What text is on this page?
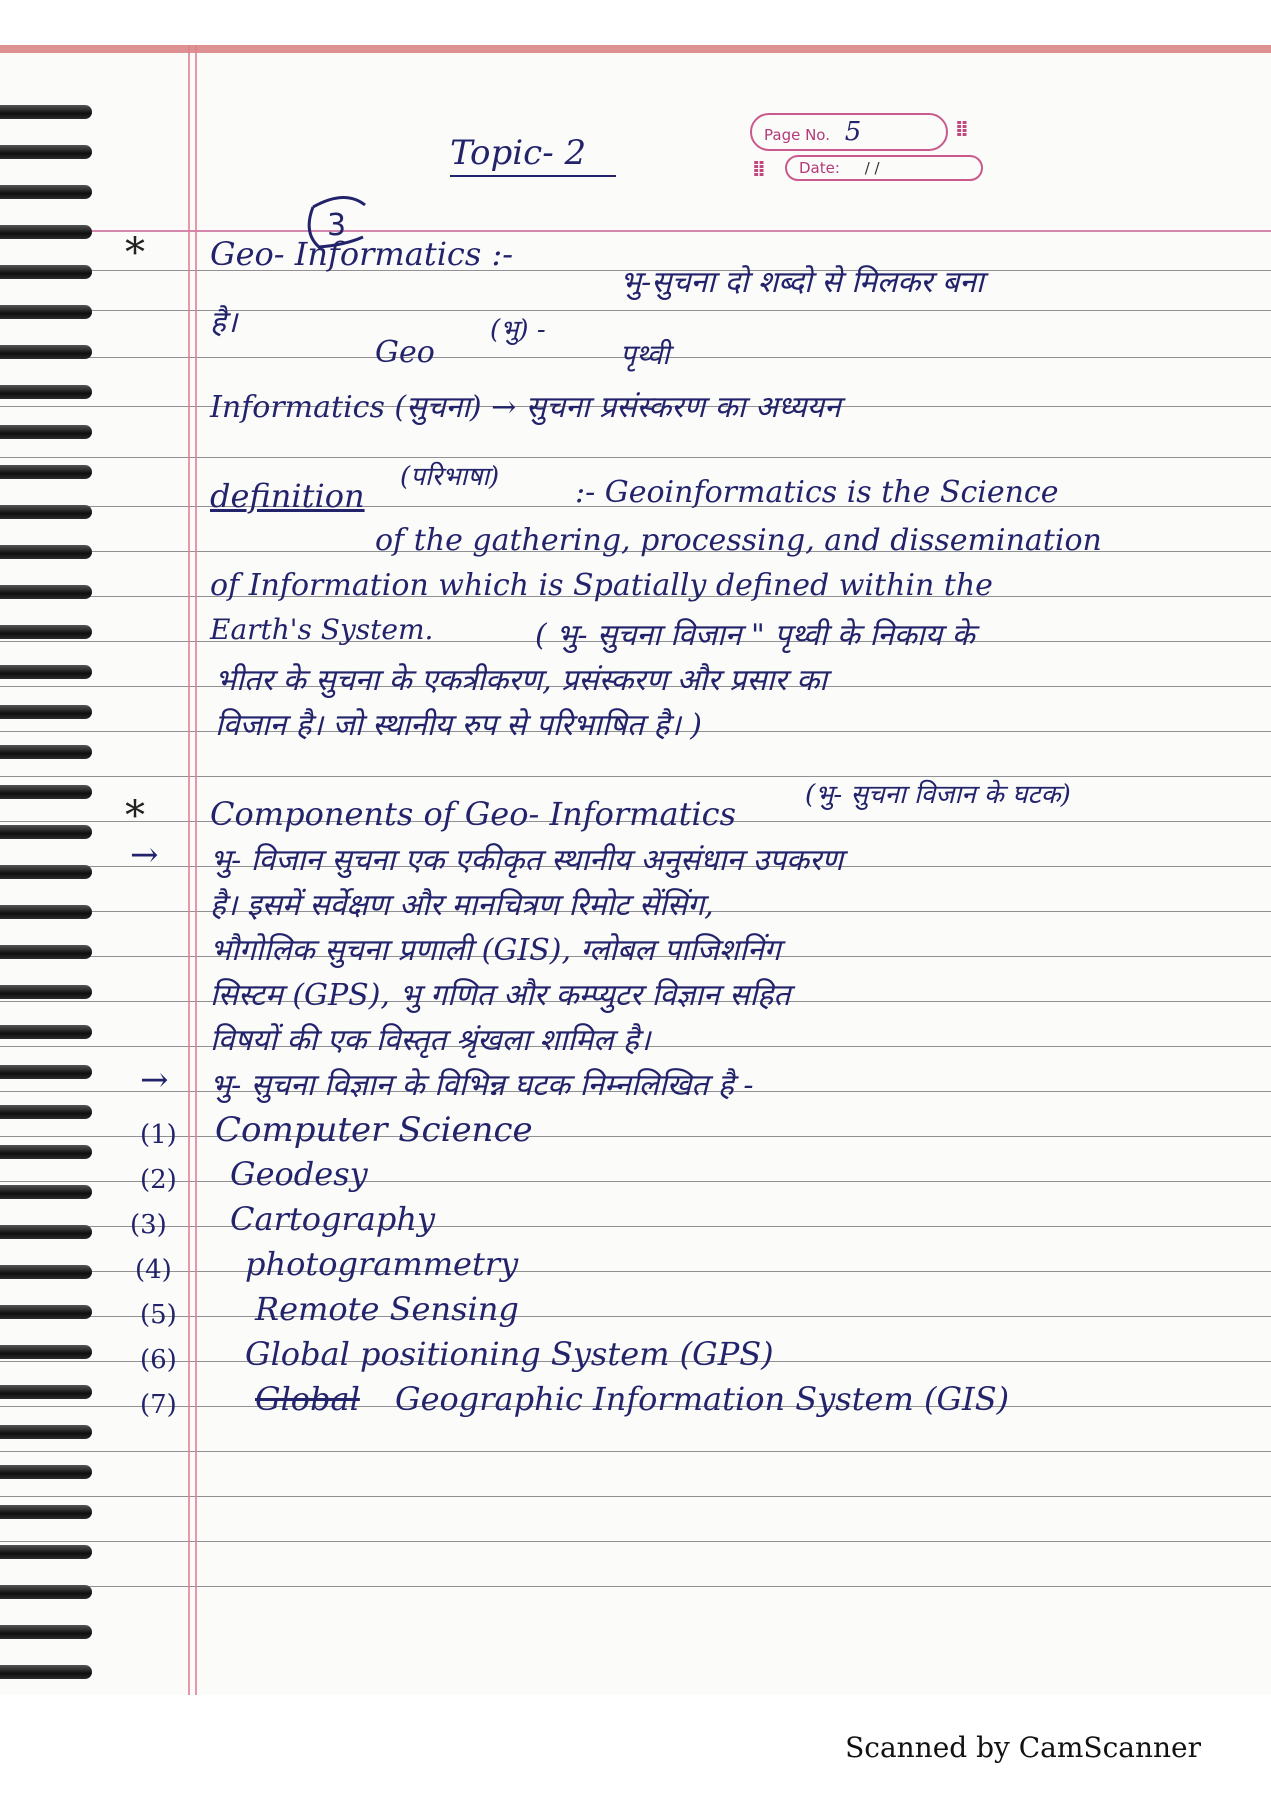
Page No. 5	⁞⁞
Date: / /
⁞⁞
3
Topic- 2
* Geo- Informatics :-
भु-सुचना दो शब्दो से मिलकर बना
है।	(भु) -
Geo	पृथ्वी
Informatics (सुचना) → सुचना प्रसंस्करण का अध्ययन
definition (परिभाषा)	:- Geoinformatics is the Science
of the gathering, processing, and dissemination
of Information which is Spatially defined within the
Earth's System.	( भु- सुचना विजान " पृथ्वी के निकाय के
भीतर के सुचना के एकत्रीकरण, प्रसंस्करण और प्रसार का
विजान है। जो स्थानीय रुप से परिभाषित है। )
* Components of Geo- Informatics	(भु- सुचना विजान के घटक)
→ भु- विजान सुचना एक एकीकृत स्थानीय अनुसंधान उपकरण
है। इसमें सर्वेक्षण और मानचित्रण रिमोट सेंसिंग,
भौगोलिक सुचना प्रणाली (GIS), ग्लोबल पाजिशनिंग
सिस्टम (GPS), भु गणित और कम्प्युटर विज्ञान सहित
विषयों की एक विस्तृत श्रृंखला शामिल है।
→ भु- सुचना विज्ञान के विभिन्न घटक निम्नलिखित है -
(1) Computer Science
(2) Geodesy
(3) Cartography
(4) photogrammetry
(5) Remote Sensing
(6) Global positioning System (GPS)
(7) Global Geographic Information System (GIS)
Scanned by CamScanner
